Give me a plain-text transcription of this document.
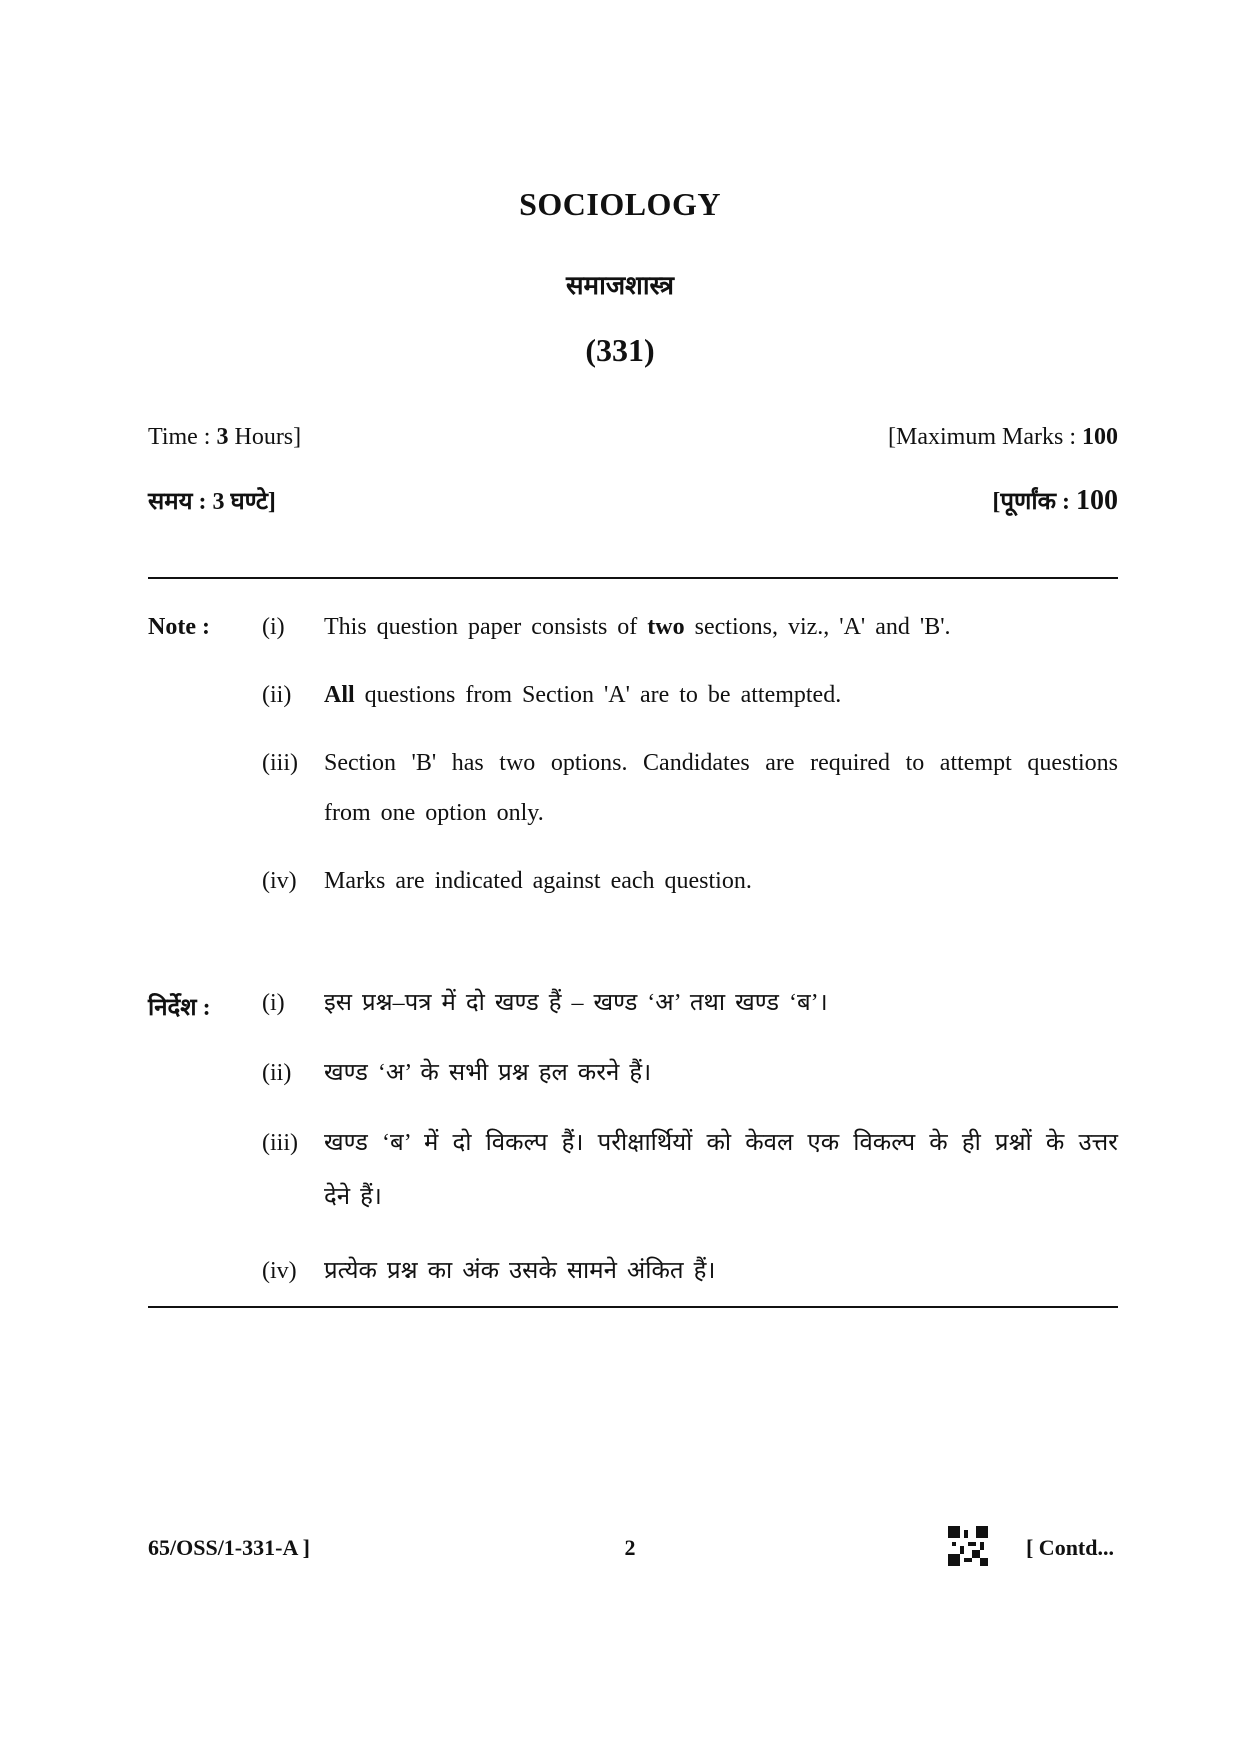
SOCIOLOGY
समाजशास्त्र
(331)
Time : 3 Hours]	[Maximum Marks : 100
समय : 3 घण्टे]	[पूर्णांक : 100
Note : (i) This question paper consists of two sections, viz., 'A' and 'B'.
(ii) All questions from Section 'A' are to be attempted.
(iii) Section 'B' has two options. Candidates are required to attempt questions
from one option only.
(iv) Marks are indicated against each question.
निर्देश : (i) इस प्रश्न–पत्र में दो खण्ड हैं – खण्ड ‘अ’ तथा खण्ड ‘ब’।
(ii) खण्ड ‘अ’ के सभी प्रश्न हल करने हैं।
(iii) खण्ड ‘ब’ में दो विकल्प हैं। परीक्षार्थियों को केवल एक विकल्प के ही प्रश्नों के उत्तर
देने हैं।
(iv) प्रत्येक प्रश्न का अंक उसके सामने अंकित हैं।
65/OSS/1-331-A ]	2	[ Contd...
